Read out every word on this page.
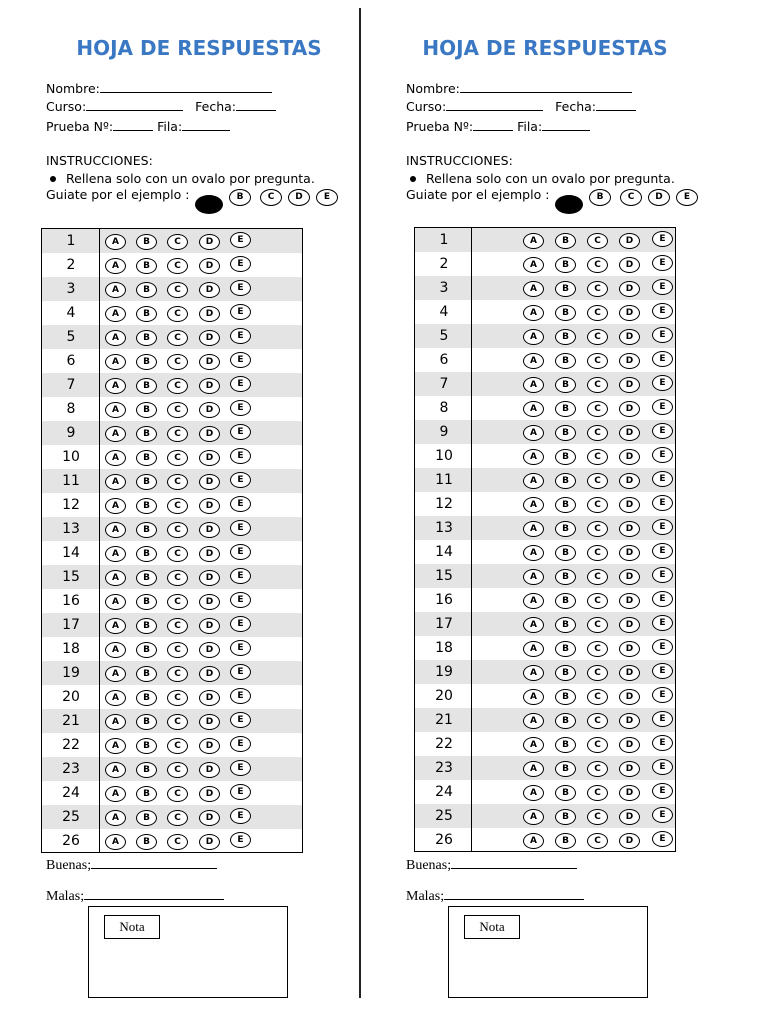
HOJA DE RESPUESTAS
Nombre:
Curso:	Fecha:
Prueba Nº:	Fila:
INSTRUCCIONES:
Rellena solo con un ovalo por pregunta.
Guiate por el ejemplo :	B	C	D	E
1	A	B	C	D	E
2	A	B	C	D	E
3	A	B	C	D	E
4	A	B	C	D	E
5	A	B	C	D	E
6	A	B	C	D	E
7	A	B	C	D	E
8	A	B	C	D	E
9	A	B	C	D	E
10	A	B	C	D	E
11	A	B	C	D	E
12	A	B	C	D	E
13	A	B	C	D	E
14	A	B	C	D	E
15	A	B	C	D	E
16	A	B	C	D	E
17	A	B	C	D	E
18	A	B	C	D	E
19	A	B	C	D	E
20	A	B	C	D	E
21	A	B	C	D	E
22	A	B	C	D	E
23	A	B	C	D	E
24	A	B	C	D	E
25	A	B	C	D	E
26	A	B	C	D	E
Buenas;
Malas;
Nota
HOJA DE RESPUESTAS
Nombre:
Curso:	Fecha:
Prueba Nº:	Fila:
INSTRUCCIONES:
Rellena solo con un ovalo por pregunta.
Guiate por el ejemplo :	B	C	D	E
1	A	B	C	D	E
2	A	B	C	D	E
3	A	B	C	D	E
4	A	B	C	D	E
5	A	B	C	D	E
6	A	B	C	D	E
7	A	B	C	D	E
8	A	B	C	D	E
9	A	B	C	D	E
10	A	B	C	D	E
11	A	B	C	D	E
12	A	B	C	D	E
13	A	B	C	D	E
14	A	B	C	D	E
15	A	B	C	D	E
16	A	B	C	D	E
17	A	B	C	D	E
18	A	B	C	D	E
19	A	B	C	D	E
20	A	B	C	D	E
21	A	B	C	D	E
22	A	B	C	D	E
23	A	B	C	D	E
24	A	B	C	D	E
25	A	B	C	D	E
26	A	B	C	D	E
Buenas;
Malas;
Nota
